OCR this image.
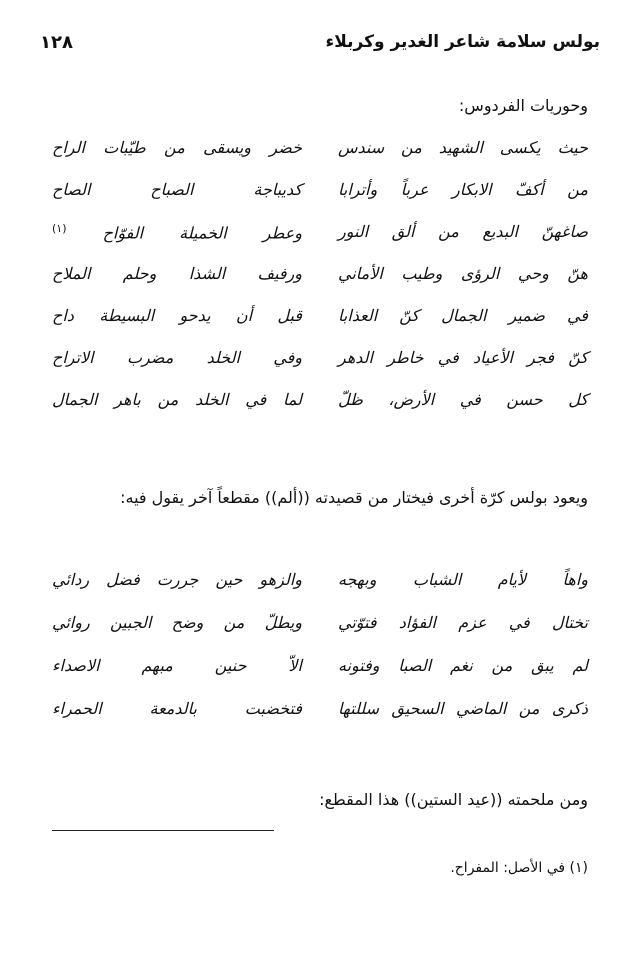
بولس سلامة شاعر الغدير وكربلاء
١٢٨
وحوريات الفردوس:
حيث يكسى الشهيد من سندس
خضر ويسقى من طيّبات الراح
من أكفّ الابكار عرباً وأترابا
كديباجة الصباح الصاح
صاغهنّ البديع من ألق النور
وعطر الخميلة الفوّاح $^{(١)}$
هنّ وحي الرؤى وطيب الأماني
ورفيف الشذا وحلم الملاح
في ضمير الجمال كنّ العذابا
قبل أن يدحو البسيطة داح
كنّ فجر الأعياد في خاطر الدهر
وفي الخلد مضرب الاتراح
كل حسن في الأرض، ظلّ
لما في الخلد من باهر الجمال
ويعود بولس كرّة أخرى فيختار من قصيدته ((ألم)) مقطعاً آخر يقول فيه:
واهاً لأيام الشباب وبهجه
والزهو حين جررت فضل ردائي
تختال في عزم الفؤاد فتوّتي
ويطلّ من وضح الجبين روائي
لم يبق من نغم الصبا وفتونه
الاّ حنين مبهم الاصداء
ذكرى من الماضي السحيق سللتها
فتخضبت بالدمعة الحمراء
ومن ملحمته ((عيد الستين)) هذا المقطع:
(١) في الأصل: المفراح.
